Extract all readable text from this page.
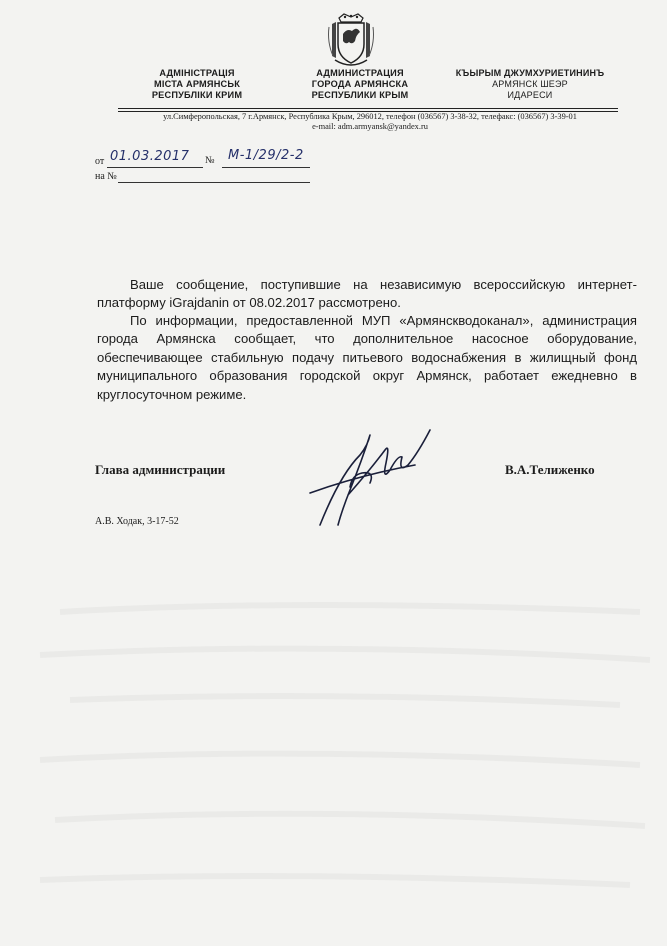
АДМІНІСТРАЦІЯ
МІСТА АРМЯНСЬК
РЕСПУБЛІКИ КРИМ
АДМИНИСТРАЦИЯ
ГОРОДА АРМЯНСКА
РЕСПУБЛИКИ КРЫМ
КЪЫРЫМ ДЖУМХУРИЕТИНИНЪ
АРМЯНСК ШЕЭР
ИДАРЕСИ
ул.Симферопольская, 7 г.Армянск, Республика Крым, 296012, телефон (036567) 3-38-32, телефакс: (036567) 3-39-01
e-mail: adm.armyansk@yandex.ru
от 01.03.2017 № М-1/29/2-2
на №

Ваше сообщение, поступившие на независимую всероссийскую интернет-платформу iGrajdanin от 08.02.2017 рассмотрено.

По информации, предоставленной МУП «Армянскводоканал», администрация города Армянска сообщает, что дополнительное насосное оборудование, обеспечивающее стабильную подачу питьевого водоснабжения в жилищный фонд муниципального образования городской округ Армянск, работает ежедневно в круглосуточном режиме.

Глава администрации	В.А.Телиженко
А.В. Ходак, 3-17-52
